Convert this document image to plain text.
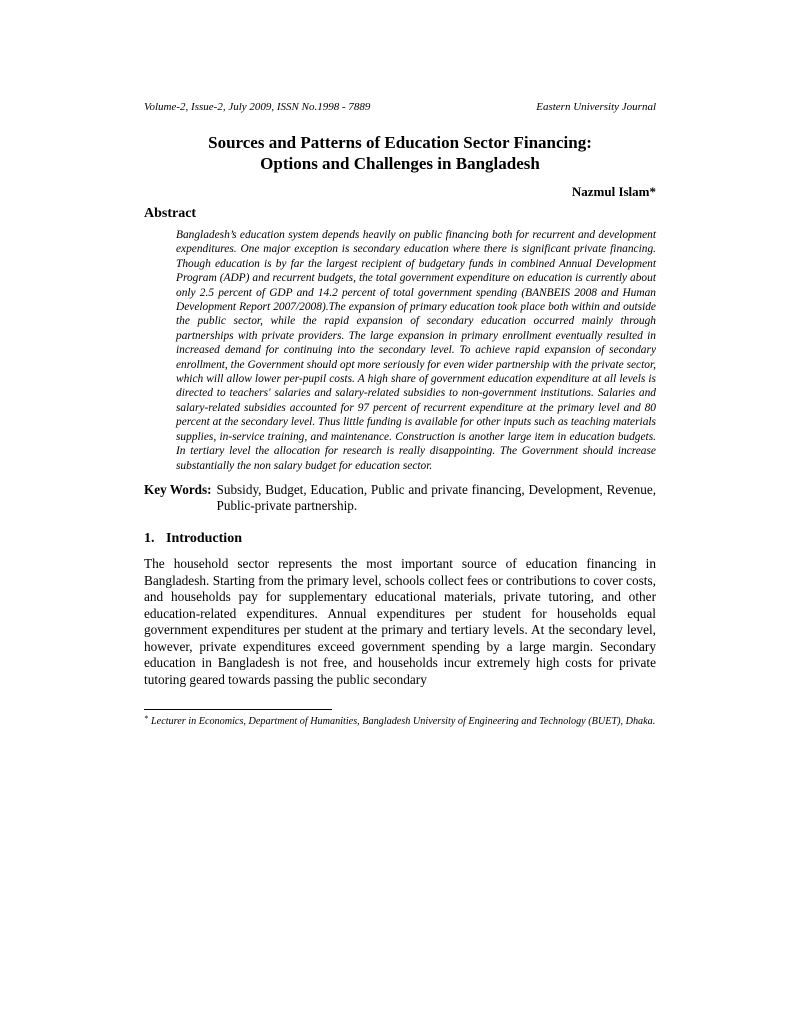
Volume-2, Issue-2, July 2009, ISSN No.1998 - 7889	Eastern University Journal
Sources and Patterns of Education Sector Financing:
Options and Challenges in Bangladesh
Nazmul Islam*
Abstract
Bangladesh’s education system depends heavily on public financing both for recurrent and development expenditures. One major exception is secondary education where there is significant private financing. Though education is by far the largest recipient of budgetary funds in combined Annual Development Program (ADP) and recurrent budgets, the total government expenditure on education is currently about only 2.5 percent of GDP and 14.2 percent of total government spending (BANBEIS 2008 and Human Development Report 2007/2008).The expansion of primary education took place both within and outside the public sector, while the rapid expansion of secondary education occurred mainly through partnerships with private providers. The large expansion in primary enrollment eventually resulted in increased demand for continuing into the secondary level. To achieve rapid expansion of secondary enrollment, the Government should opt more seriously for even wider partnership with the private sector, which will allow lower per-pupil costs. A high share of government education expenditure at all levels is directed to teachers' salaries and salary-related subsidies to non-government institutions. Salaries and salary-related subsidies accounted for 97 percent of recurrent expenditure at the primary level and 80 percent at the secondary level. Thus little funding is available for other inputs such as teaching materials supplies, in-service training, and maintenance. Construction is another large item in education budgets. In tertiary level the allocation for research is really disappointing. The Government should increase substantially the non salary budget for education sector.
Key Words: Subsidy, Budget, Education, Public and private financing, Development, Revenue, Public-private partnership.
1. Introduction
The household sector represents the most important source of education financing in Bangladesh. Starting from the primary level, schools collect fees or contributions to cover costs, and households pay for supplementary educational materials, private tutoring, and other education-related expenditures. Annual expenditures per student for households equal government expenditures per student at the primary and tertiary levels. At the secondary level, however, private expenditures exceed government spending by a large margin. Secondary education in Bangladesh is not free, and households incur extremely high costs for private tutoring geared towards passing the public secondary
* Lecturer in Economics, Department of Humanities, Bangladesh University of Engineering and Technology (BUET), Dhaka.
